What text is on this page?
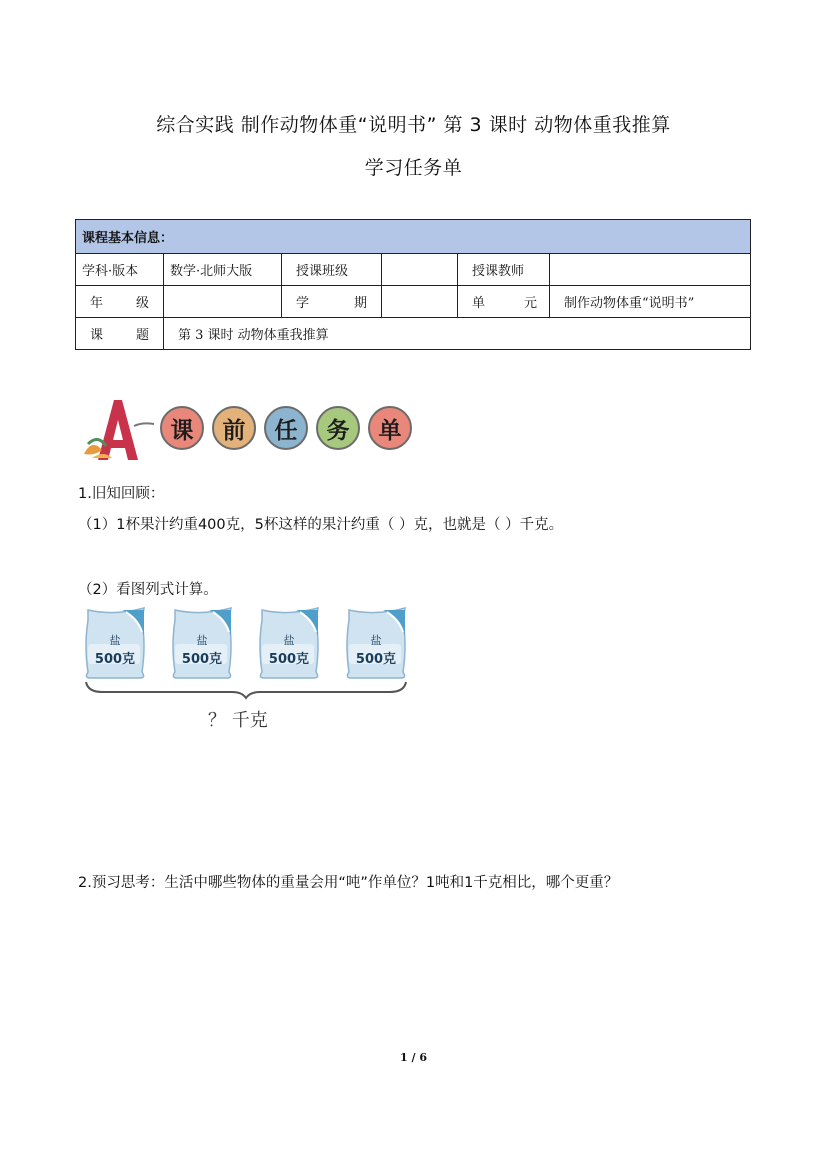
综合实践 制作动物体重“说明书” 第 3 课时 动物体重我推算
学习任务单
课程基本信息：					
学科·版本	数学·北师大版	授课班级		授课教师	

年 级		学 期		单 元	制作动物体重“说明书”

课 题	第 3 课时 动物体重我推算				
课	前	任	务	单
1.旧知回顾：
（1）1杯果汁约重400克，5杯这样的果汁约重（ ）克，也就是（ ）千克。
（2）看图列式计算。
盐
500克
盐
500克
盐
500克
盐
500克
？ 千克
2.预习思考：生活中哪些物体的重量会用“吨”作单位？1吨和1千克相比，哪个更重？
1 / 6
